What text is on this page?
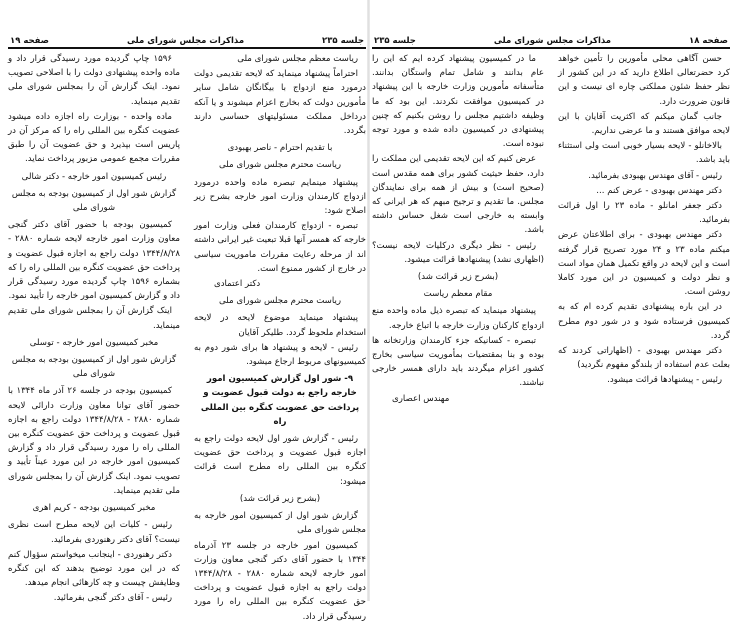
صفحه ۱۹	مذاکرات مجلس شورای ملی	جلسه ۲۳۵

ریاست معظم مجلس شورای ملی

احتراماً پیشنهاد مینماید که لایحه تقدیمی دولت درمورد منع ازدواج با بیگانگان شامل سایر مأمورین دولت که بخارج اعزام میشوند و یا آنکه درداخل مملکت مسئولیتهای حساسی دارند بگردد.

با تقدیم احترام - ناصر بهبودی

ریاست محترم مجلس شورای ملی

پیشنهاد مینمایم تبصره ماده واحده درمورد ازدواج کارمندان وزارت امور خارجه بشرح زیر اصلاح شود:

تبصره - ازدواج کارمندان فعلی وزارت امور خارجه که همسر آنها قبلا تبعیت غیر ایرانی داشته اند از مرحله رعایت مقررات ماموریت سیاسی در خارج از کشور ممنوع است.

دکتر اعتمادی

ریاست محترم مجلس شورای ملی

پیشنهاد مینماید موضوع لایحه در لایحه استخدام ملحوظ گردد. طلیکر آقایان

رئیس - لایحه و پیشنهاد ها برای شور دوم به کمیسیونهای مربوط ارجاع میشود.

۹- شور اول گزارش کمیسیون امور خارجه راجع به دولت قبول عضویت و پرداخت حق عضویت کنگره بین المللی راه

رئیس - گزارش شور اول لایحه دولت راجع به اجازه قبول عضویت و پرداخت حق عضویت کنگره بین المللی راه مطرح است قرائت میشود:

(بشرح زیر قرائت شد)

گزارش شور اول از کمیسیون امور خارجه به مجلس شورای ملی

کمیسیون امور خارجه در جلسه ۲۳ آذرماه ۱۳۴۴ با حضور آقای دکتر گنجی معاون وزارت امور خارجه لایحه شماره ۲۸۸۰ - ۱۳۴۴/۸/۲۸ دولت راجع به اجازه قبول عضویت و پرداخت حق عضویت کنگره بین المللی راه را مورد رسیدگی قرار داد.

۱۵۹۶ چاپ گردیده مورد رسیدگی قرار داد و ماده واحده پیشنهادی دولت را با اصلاحی تصویب نمود. اینک گزارش آن را بمجلس شورای ملی تقدیم مینماید.

ماده واحده - بوزارت راه اجازه داده میشود عضویت کنگره بین المللی راه را که مرکز آن در پاریس است بپذیرد و حق عضویت آن را طبق مقررات مجمع عمومی مزبور پرداخت نماید.

رئیس کمیسیون امور خارجه - دکتر شالی

گزارش شور اول از کمیسیون بودجه به مجلس شورای ملی

کمیسیون بودجه با حضور آقای دکتر گنجی معاون وزارت امور خارجه لایحه شماره ۲۸۸۰ - ۱۳۴۴/۸/۲۸ دولت راجع به اجازه قبول عضویت و پرداخت حق عضویت کنگره بین المللی راه را که بشماره ۱۵۹۶ چاپ گردیده مورد رسیدگی قرار داد و گزارش کمیسیون امور خارجه را تأیید نمود.

اینک گزارش آن را بمجلس شورای ملی تقدیم مینماید.

مخبر کمیسیون امور خارجه - توسلی

گزارش شور اول از کمیسیون بودجه به مجلس شورای ملی

کمیسیون بودجه در جلسه ۲۶ آذر ماه ۱۳۴۴ با حضور آقای توانا معاون وزارت دارائی لایحه شماره ۲۸۸۰ - ۱۳۴۴/۸/۲۸ دولت راجع به اجازه قبول عضویت و پرداخت حق عضویت کنگره بین المللی راه را مورد رسیدگی قرار داد و گزارش کمیسیون امور خارجه در این مورد عیناً تأیید و تصویب نمود. اینک گزارش آن را بمجلس شورای ملی تقدیم مینماید.

مخبر کمیسیون بودجه - کریم اهری

رئیس - کلیات این لایحه مطرح است نظری نیست؟ آقای دکتر رهنوردی بفرمائید.

دکتر رهنوردی - اینجانب میخواستم سؤوال کنم که در این مورد توضیح بدهند که این کنگره وظایفش چیست و چه کارهائی انجام میدهد.

رئیس - آقای دکتر گنجی بفرمائید.

جلسه ۲۳۵	مذاکرات مجلس شورای ملی	صفحه ۱۸

حسن آگاهی محلی مأمورین را تأمین خواهد کرد حضرتعالی اطلاع دارید که در این کشور از نظر حفظ شئون مملکتی چاره ای نیست و این قانون ضرورت دارد.

جانب گمان میکنم که اکثریت آقایان با این لایحه موافق هستند و ما عرضی نداریم.

بالاخانلو - لایحه بسیار خوبی است ولی استثناء باید باشد.

رئیس - آقای مهندس بهبودی بفرمائید.

دکتر مهندس بهبودی - عرض کنم ...

دکتر جعفر امانلو - ماده ۲۳ را اول قرائت بفرمائید.

دکتر مهندس بهبودی - برای اطلاعتان عرض میکنم ماده ۲۳ و ۲۴ مورد تصریح قرار گرفته است و این لایحه در واقع تکمیل همان مواد است و نظر دولت و کمیسیون در این مورد کاملا روشن است.

در این باره پیشنهادی تقدیم کرده ام که به کمیسیون فرستاده شود و در شور دوم مطرح گردد.

دکتر مهندس بهبودی - (اظهاراتی کردند که بعلت عدم استفاده از بلندگو مفهوم نگردید)

رئیس - پیشنهادها قرائت میشود.

ما در کمیسیون پیشنهاد کرده ایم که این را عام بدانند و شامل تمام واستگان بدانند. متأسفانه مأمورین وزارت خارجه با این پیشنهاد در کمیسیون موافقت نکردند. این بود که ما وظیفه داشتیم مجلس را روشن بکنیم که چنین پیشنهادی در کمیسیون داده شده و مورد توجه نبوده است.

عرض کنیم که این لایحه تقدیمی این مملکت را دارد، حفظ حیثیت کشور برای همه مقدس است (صحیح است) و بیش از همه برای نمایندگان مجلس. ما تقدیم و ترجیح مبهم که هر ایرانی که وابسته به خارجی است شغل حساس داشته باشد.

رئیس - نظر دیگری درکلیات لایحه نیست؟ (اظهاری نشد) پیشنهادها قرائت میشود.

(بشرح زیر قرائت شد)

مقام معظم ریاست

پیشنهاد مینماید که تبصره ذیل ماده واحده منع ازدواج کارکنان وزارت خارجه با اتباع خارجه.

تبصره - کسانیکه جزء کارمندان وزارتخانه ها بوده و بنا بمقتضیات بمأموریت سیاسی بخارج کشور اعزام میگردند باید دارای همسر خارجی نباشند.

مهندس اعصاری
